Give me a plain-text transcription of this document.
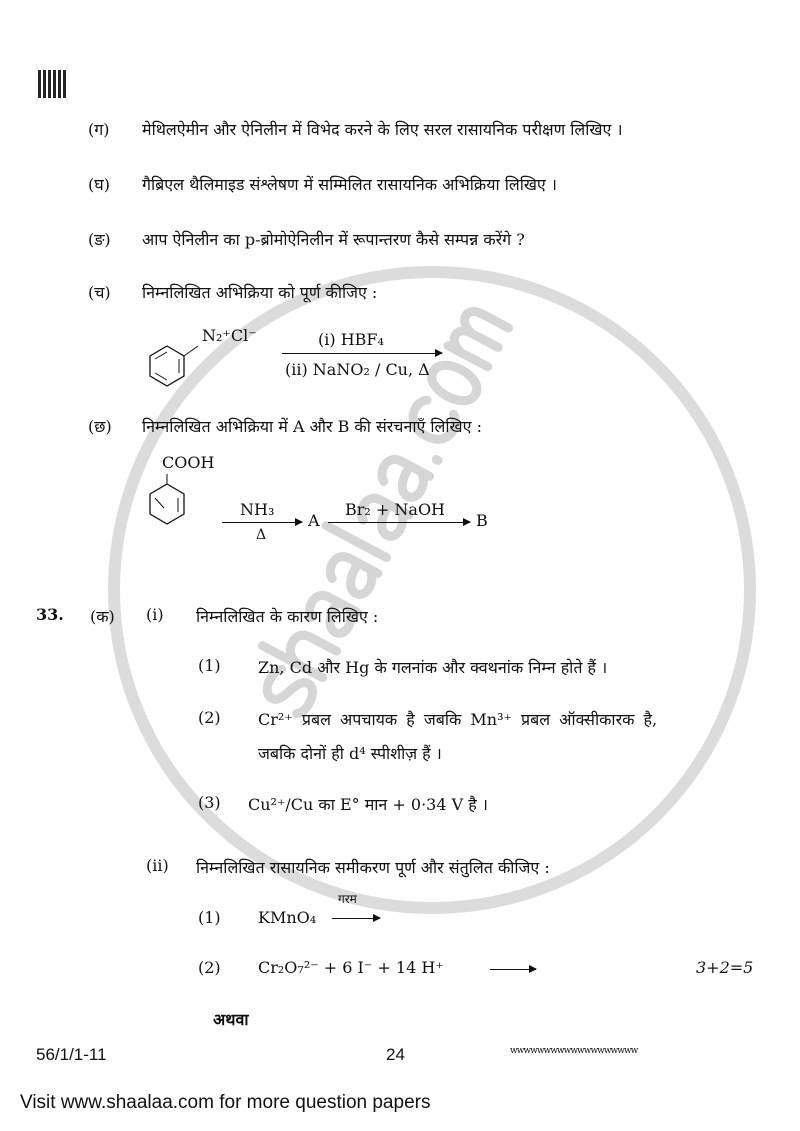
(ग) मेथिलऐमीन और ऐनिलीन में विभेद करने के लिए सरल रासायनिक परीक्षण लिखिए ।
(घ) गैब्रिएल थैलिमाइड संश्लेषण में सम्मिलित रासायनिक अभिक्रिया लिखिए ।
(ङ) आप ऐनिलीन का p-ब्रोमोऐनिलीन में रूपान्तरण कैसे सम्पन्न करेंगे ?
(च) निम्नलिखित अभिक्रिया को पूर्ण कीजिए :
N₂⁺Cl⁻	(i) HBF₄
(ii) NaNO₂ / Cu, Δ
(छ) निम्नलिखित अभिक्रिया में A और B की संरचनाएँ लिखिए :
COOH
NH₃
Δ
A
Br₂ + NaOH
B
33. (क) (i) निम्नलिखित के कारण लिखिए :
(1) Zn, Cd और Hg के गलनांक और क्वथनांक निम्न होते हैं ।
(2) Cr²⁺ प्रबल अपचायक है जबकि Mn³⁺ प्रबल ऑक्सीकारक है,
जबकि दोनों ही d⁴ स्पीशीज़ हैं ।
(3) Cu²⁺/Cu का E° मान + 0·34 V है ।
(ii) निम्नलिखित रासायनिक समीकरण पूर्ण और संतुलित कीजिए :
(1) KMnO₄
गरम
(2) Cr₂O₇²⁻ + 6 I⁻ + 14 H⁺	3+2=5
अथवा
56/1/1-11	24	wwwwwwwwwwwwwwwwwww
Visit www.shaalaa.com for more question papers
